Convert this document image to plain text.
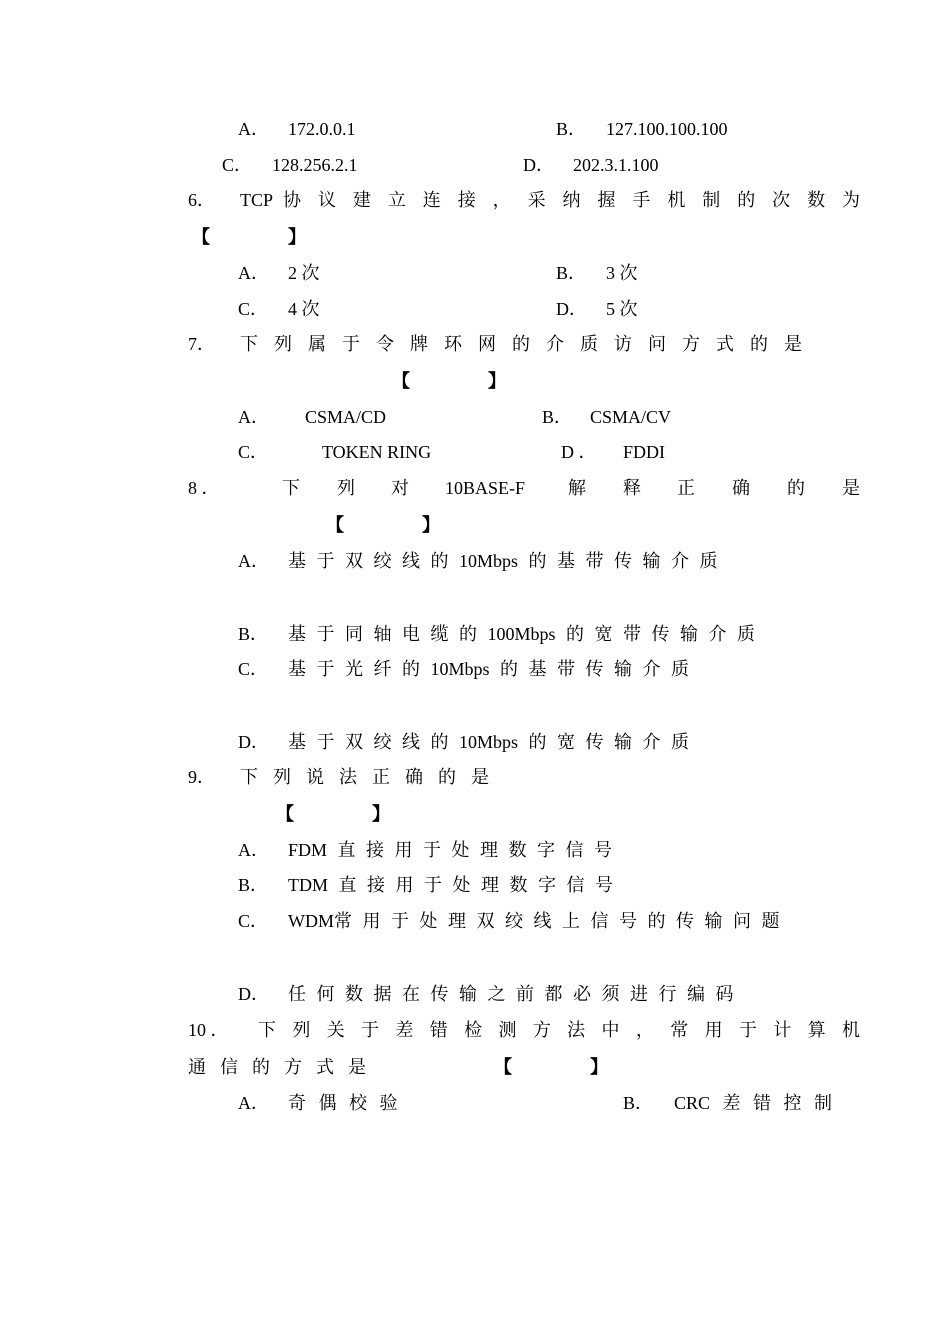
A． 172.0.0.1	B． 127.100.100.100
C． 128.256.2.1	D． 202.3.1.100
6． TCP 协 议 建 立 连 接 ， 采 纳 握 手 机 制 的 次 数 为
【	】
A． 2 次	B． 3 次
C． 4 次	D． 5 次
7． 下列属于令牌环网的介质访问方式的是
【	】
A． CSMA/CD	B． CSMA/CV
C．	TOKEN RING	D ． FDDI
8 ．	下 列 对 10BASE-F 解 释 正 确 的 是
【	】
A． 基 于 双 绞 线 的 10Mbps 的 基 带 传 输 介 质
B． 基 于 同 轴 电 缆 的 100Mbps 的 宽 带 传 输 介 质
C． 基 于 光 纤 的 10Mbps 的 基 带 传 输 介 质
D． 基 于 双 绞 线 的 10Mbps 的 宽 传 输 介 质
9． 下列说法正确的是
【	】
A． FDM 直 接 用 于 处 理 数 字 信 号
B． TDM 直 接 用 于 处 理 数 字 信 号
C． WDM常 用 于 处 理 双 绞 线 上 信 号 的 传 输 问 题
D． 任 何 数 据 在 传 输 之 前 都 必 须 进 行 编 码
10 ． 下 列 关 于 差 错 检 测 方 法 中 ， 常 用 于 计 算 机
通信的方式是	【	】
A． 奇 偶 校 验	B． CRC 差 错 控 制
